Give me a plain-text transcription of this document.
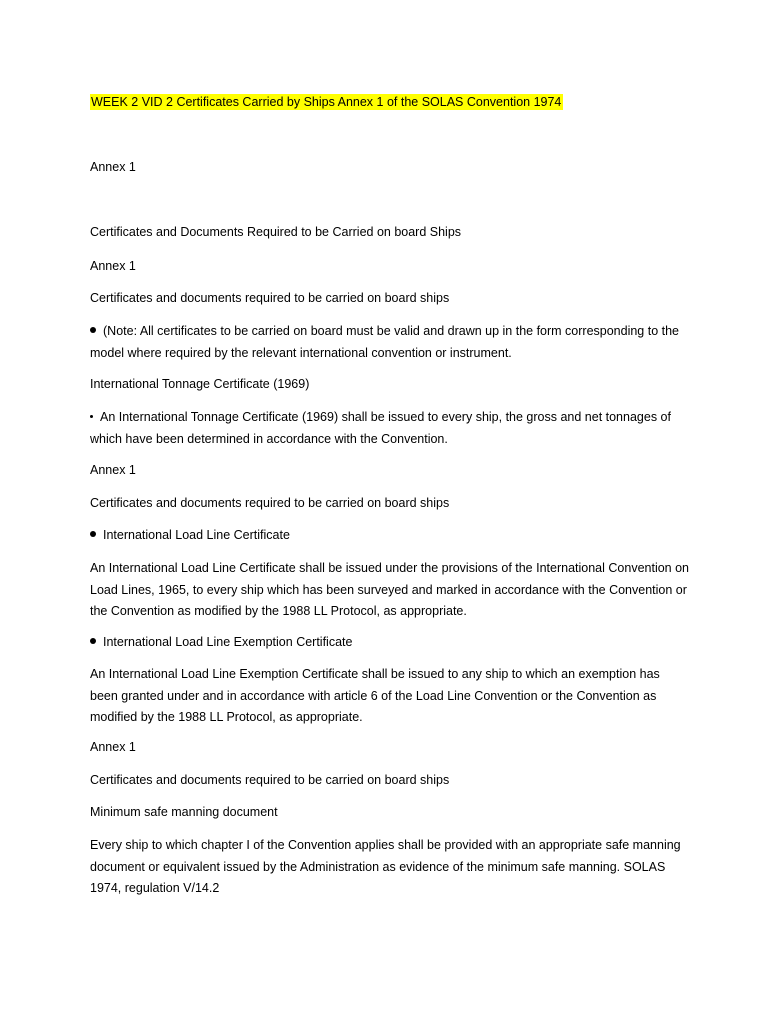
WEEK 2 VID 2 Certificates Carried by Ships Annex 1 of the SOLAS Convention 1974
Annex 1
Certificates and Documents Required to be Carried on board Ships
Annex 1
Certificates and documents required to be carried on board ships
(Note: All certificates to be carried on board must be valid and drawn up in the form corresponding to the model where required by the relevant international convention or instrument.
International Tonnage Certificate (1969)
An International Tonnage Certificate (1969) shall be issued to every ship, the gross and net tonnages of which have been determined in accordance with the Convention.
Annex 1
Certificates and documents required to be carried on board ships
International Load Line Certificate
An International Load Line Certificate shall be issued under the provisions of the International Convention on Load Lines, 1965, to every ship which has been surveyed and marked in accordance with the Convention or the Convention as modified by the 1988 LL Protocol, as appropriate.
International Load Line Exemption Certificate
An International Load Line Exemption Certificate shall be issued to any ship to which an exemption has been granted under and in accordance with article 6 of the Load Line Convention or the Convention as modified by the 1988 LL Protocol, as appropriate.
Annex 1
Certificates and documents required to be carried on board ships
Minimum safe manning document
Every ship to which chapter I of the Convention applies shall be provided with an appropriate safe manning document or equivalent issued by the Administration as evidence of the minimum safe manning. SOLAS 1974, regulation V/14.2
